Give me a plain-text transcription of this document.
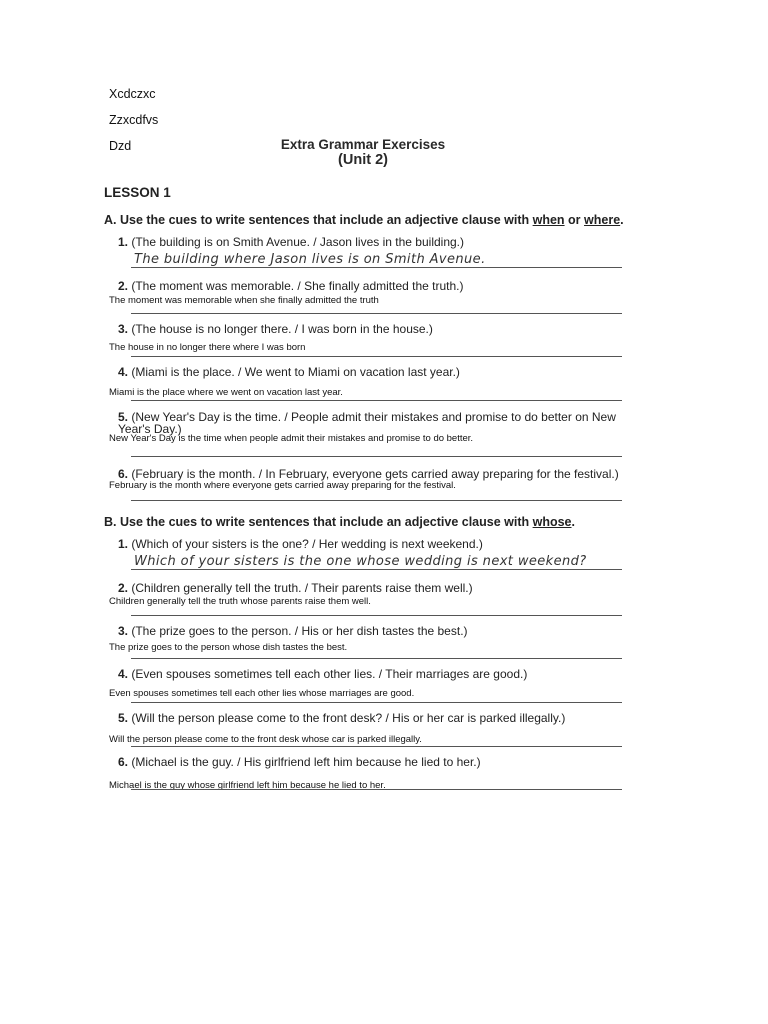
Xcdczxc
Zzxcdfvs
Dzd	Extra Grammar Exercises
(Unit 2)
LESSON 1
A. Use the cues to write sentences that include an adjective clause with when or where.
1. (The building is on Smith Avenue. / Jason lives in the building.)
The building where Jason lives is on Smith Avenue.
2. (The moment was memorable. / She finally admitted the truth.)
The moment was memorable when she finally admitted the truth
3. (The house is no longer there. / I was born in the house.)
The house in no longer there where I was born
4. (Miami is the place. / We went to Miami on vacation last year.)
Miami is the place where we went on vacation last year.
5. (New Year's Day is the time. / People admit their mistakes and promise to do better on New Year's Day.)
New Year's Day is the time when people admit their mistakes and promise to do better.
6. (February is the month. / In February, everyone gets carried away preparing for the festival.)
February is the month where everyone gets carried away preparing for the festival.
B. Use the cues to write sentences that include an adjective clause with whose.
1. (Which of your sisters is the one? / Her wedding is next weekend.)
Which of your sisters is the one whose wedding is next weekend?
2. (Children generally tell the truth. / Their parents raise them well.)
Children generally tell the truth whose parents raise them well.
3. (The prize goes to the person. / His or her dish tastes the best.)
The prize goes to the person whose dish tastes the best.
4. (Even spouses sometimes tell each other lies. / Their marriages are good.)
Even spouses sometimes tell each other lies whose marriages are good.
5. (Will the person please come to the front desk? / His or her car is parked illegally.)
Will the person please come to the front desk whose car is parked illegally.
6. (Michael is the guy. / His girlfriend left him because he lied to her.)
Michael is the guy whose girlfriend left him because he lied to her.
